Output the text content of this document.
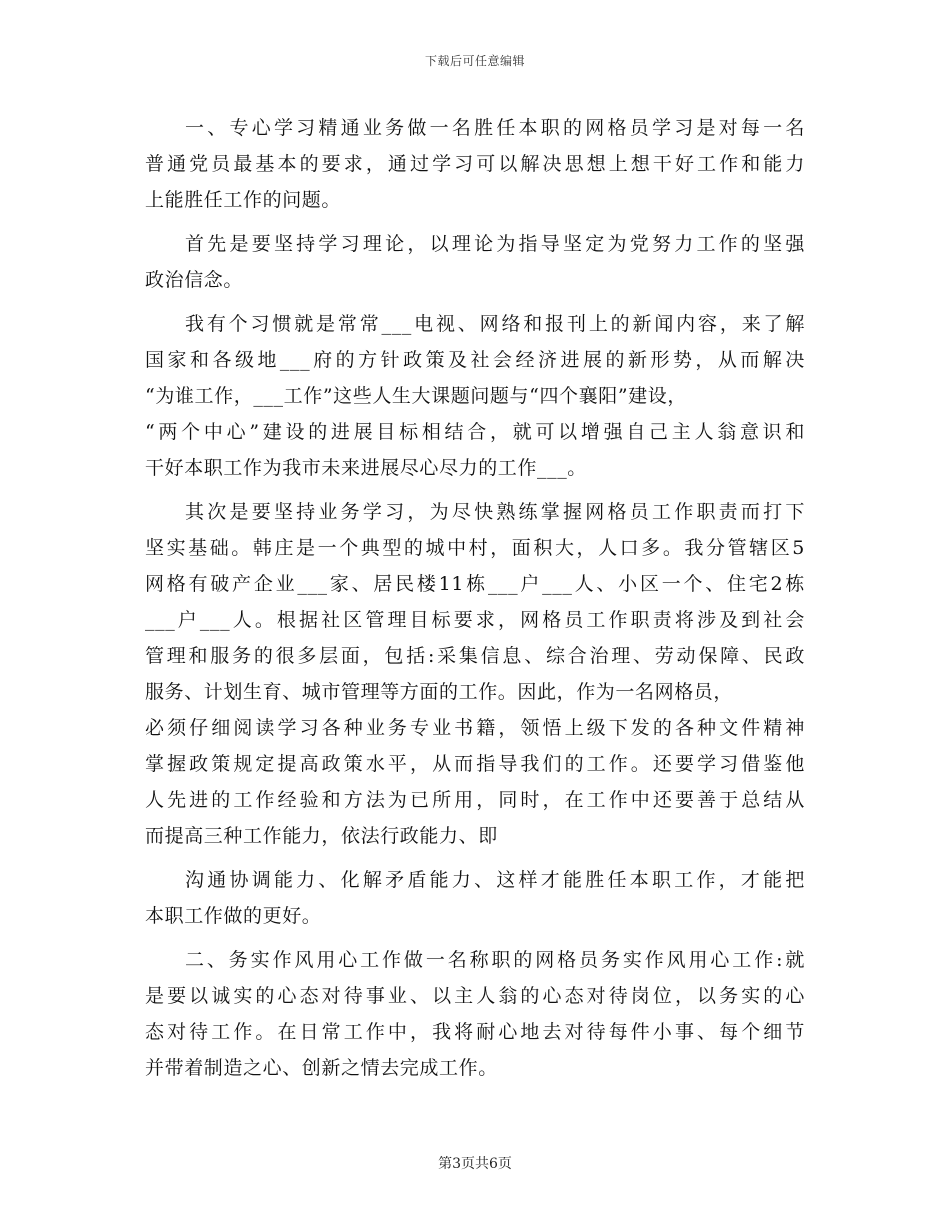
下载后可任意编辑
一、专心学习精通业务做一名胜任本职的网格员学习是对每一名
普通党员最基本的要求，通过学习可以解决思想上想干好工作和能力
上能胜任工作的问题。
首先是要坚持学习理论，以理论为指导坚定为党努力工作的坚强
政治信念。
我有个习惯就是常常___电视、网络和报刊上的新闻内容，来了解
国家和各级地___府的方针政策及社会经济进展的新形势，从而解决
“为谁工作，___工作”这些人生大课题问题与“四个襄阳”建设，
“两个中心”建设的进展目标相结合，就可以增强自己主人翁意识和
干好本职工作为我市未来进展尽心尽力的工作___。
其次是要坚持业务学习，为尽快熟练掌握网格员工作职责而打下
坚实基础。韩庄是一个典型的城中村，面积大，人口多。我分管辖区5
网格有破产企业___家、居民楼11栋___户___人、小区一个、住宅2栋
___户___人。根据社区管理目标要求，网格员工作职责将涉及到社会
管理和服务的很多层面，包括:采集信息、综合治理、劳动保障、民政
服务、计划生育、城市管理等方面的工作。因此，作为一名网格员，
必须仔细阅读学习各种业务专业书籍，领悟上级下发的各种文件精神
掌握政策规定提高政策水平，从而指导我们的工作。还要学习借鉴他
人先进的工作经验和方法为已所用，同时，在工作中还要善于总结从
而提高三种工作能力，依法行政能力、即
沟通协调能力、化解矛盾能力、这样才能胜任本职工作，才能把
本职工作做的更好。
二、务实作风用心工作做一名称职的网格员务实作风用心工作:就
是要以诚实的心态对待事业、以主人翁的心态对待岗位，以务实的心
态对待工作。在日常工作中，我将耐心地去对待每件小事、每个细节
并带着制造之心、创新之情去完成工作。
第3页共6页
